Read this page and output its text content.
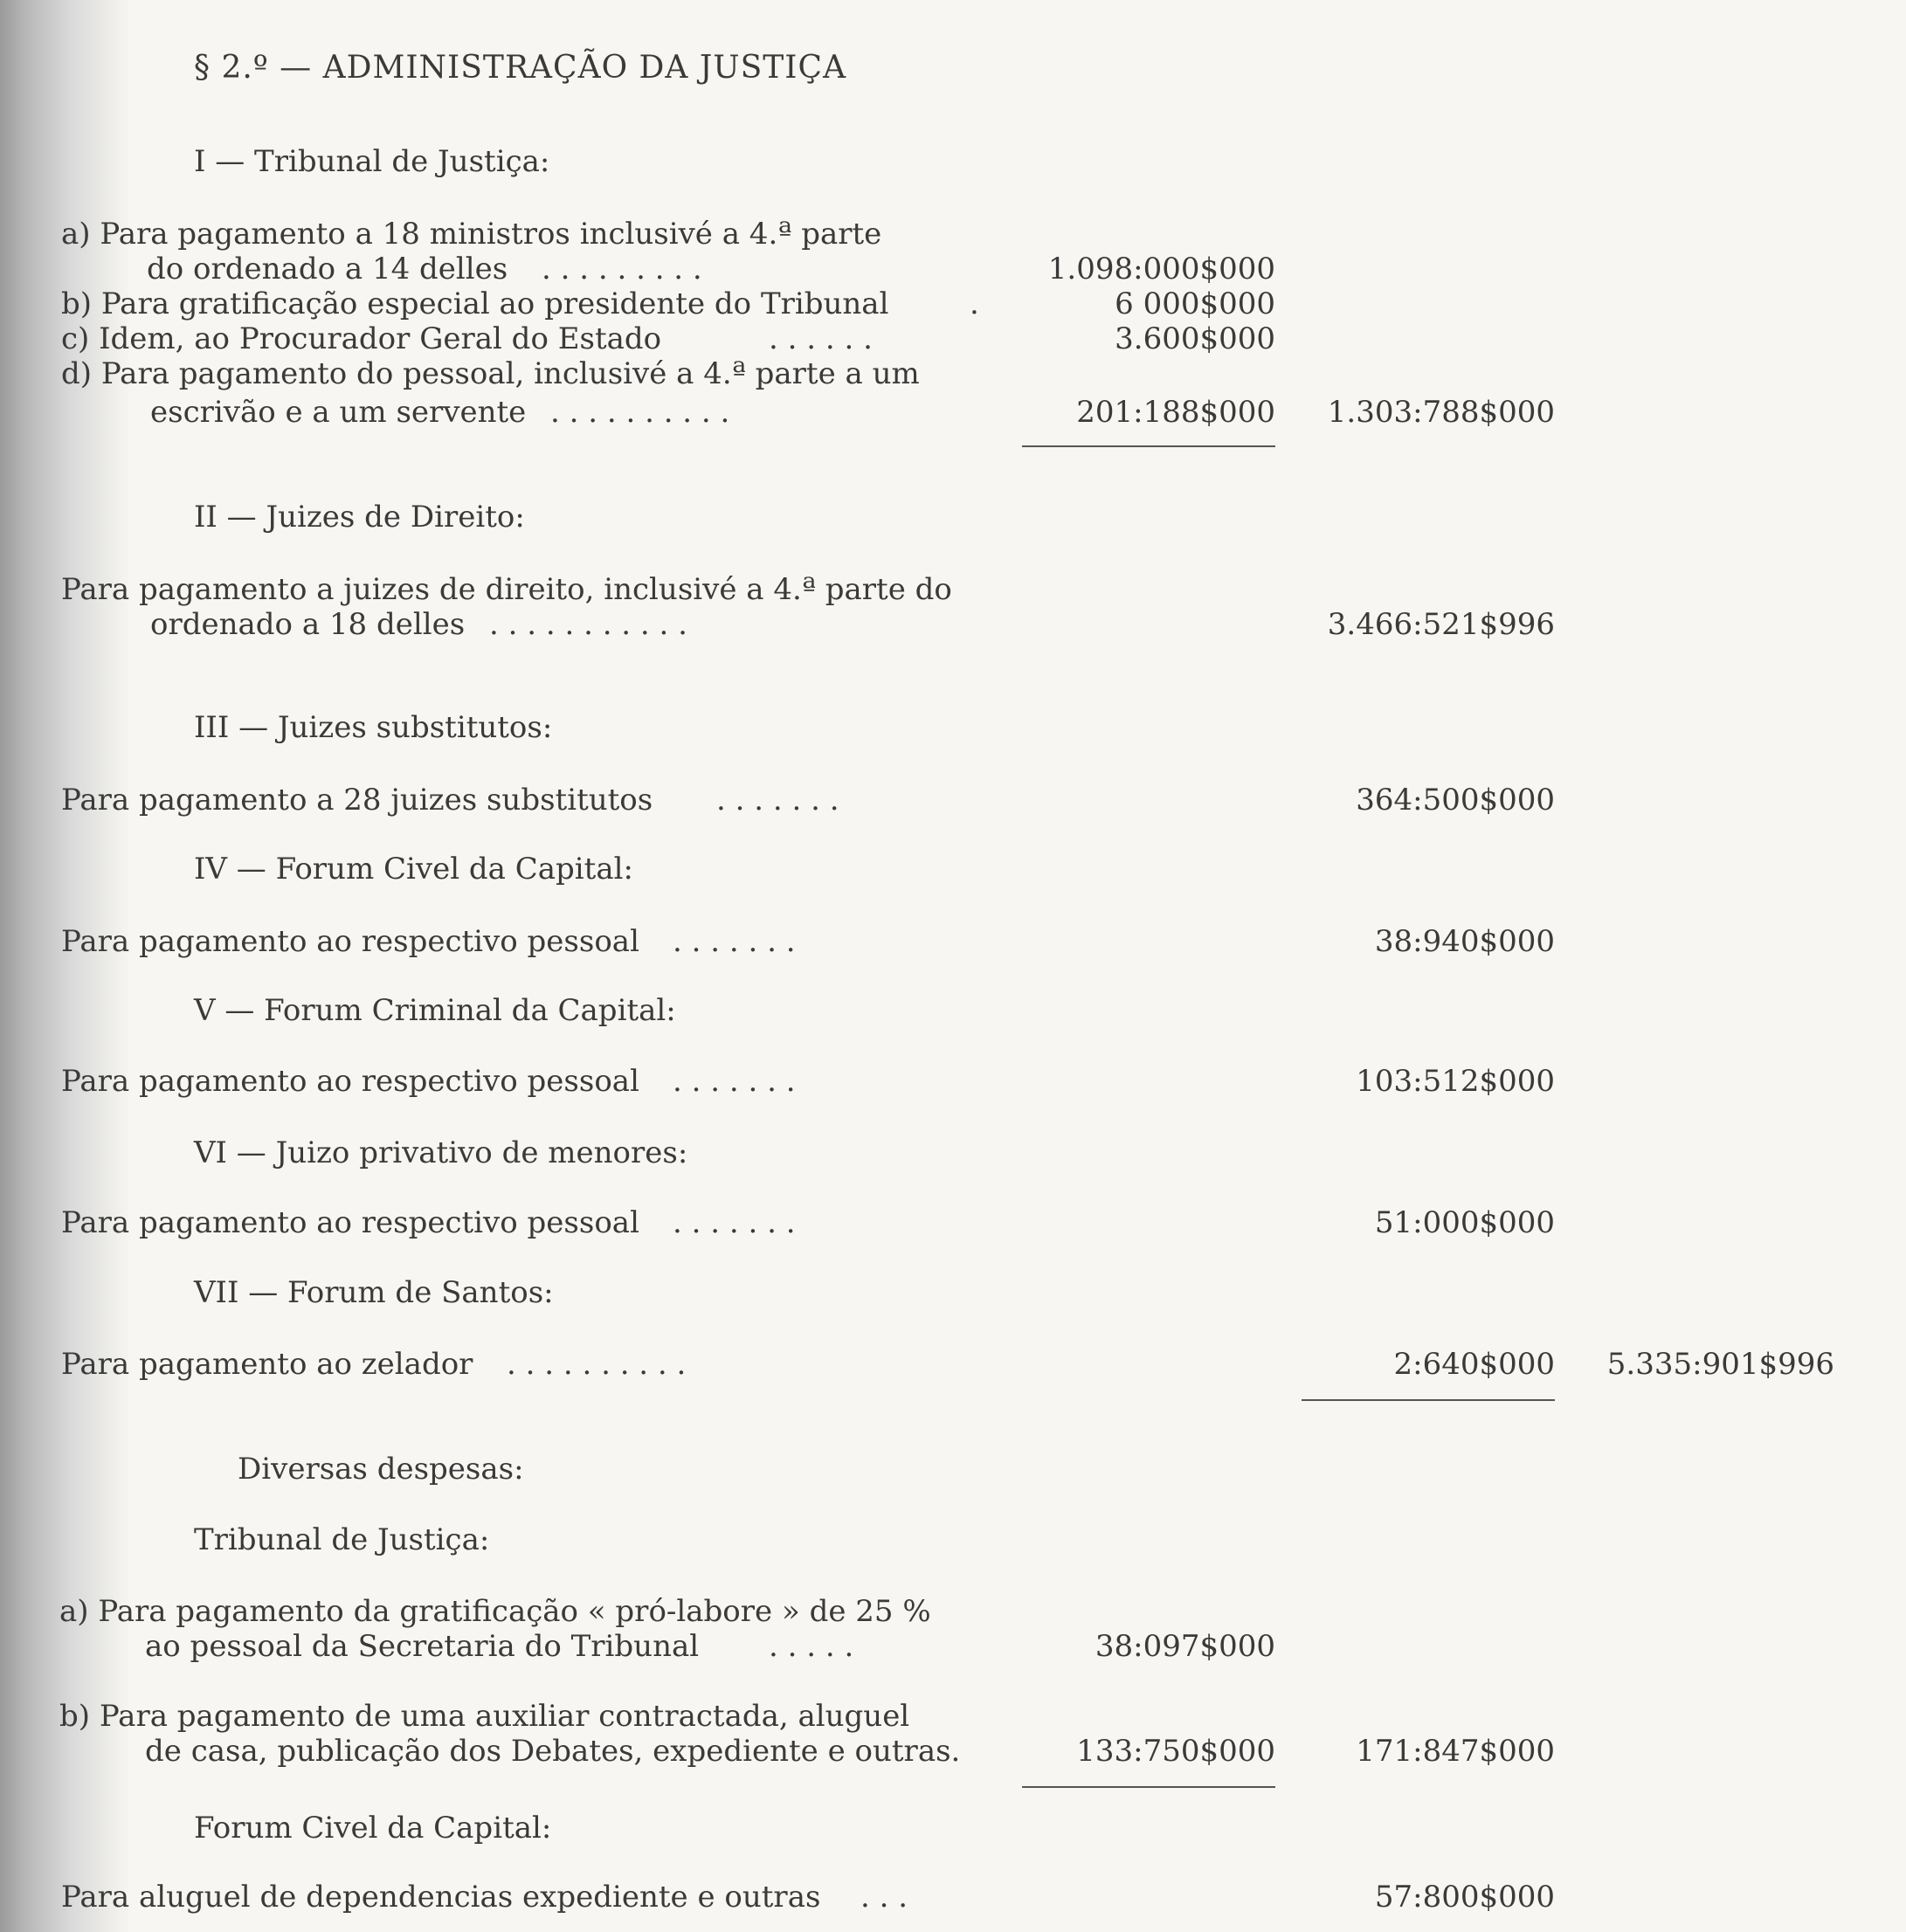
§ 2.º — ADMINISTRAÇÃO DA JUSTIÇA
I — Tribunal de Justiça:
a) Para pagamento a 18 ministros inclusivé a 4.ª parte
do ordenado a 14 delles . . . . . . . . .	1.098:000$000
b) Para gratificação especial ao presidente do Tribunal	.	6 000$000
c) Idem, ao Procurador Geral do Estado	. . . . . .	3.600$000
d) Para pagamento do pessoal, inclusivé a 4.ª parte a um
escrivão e a um servente . . . . . . . . . .	201:188$000	1.303:788$000
II — Juizes de Direito:
Para pagamento a juizes de direito, inclusivé a 4.ª parte do
ordenado a 18 delles . . . . . . . . . . .	3.466:521$996
III — Juizes substitutos:
Para pagamento a 28 juizes substitutos . . . . . . .	364:500$000
IV — Forum Civel da Capital:
Para pagamento ao respectivo pessoal . . . . . . .	38:940$000
V — Forum Criminal da Capital:
Para pagamento ao respectivo pessoal . . . . . . .	103:512$000
VI — Juizo privativo de menores:
Para pagamento ao respectivo pessoal . . . . . . .	51:000$000
VII — Forum de Santos:
Para pagamento ao zelador . . . . . . . . . .	2:640$000	5.335:901$996
Diversas despesas:
Tribunal de Justiça:
a) Para pagamento da gratificação « pró-labore » de 25 %
ao pessoal da Secretaria do Tribunal . . . . .	38:097$000
b) Para pagamento de uma auxiliar contractada, aluguel
de casa, publicação dos Debates, expediente e outras.	133:750$000	171:847$000
Forum Civel da Capital:
Para aluguel de dependencias expediente e outras . . .	57:800$000
